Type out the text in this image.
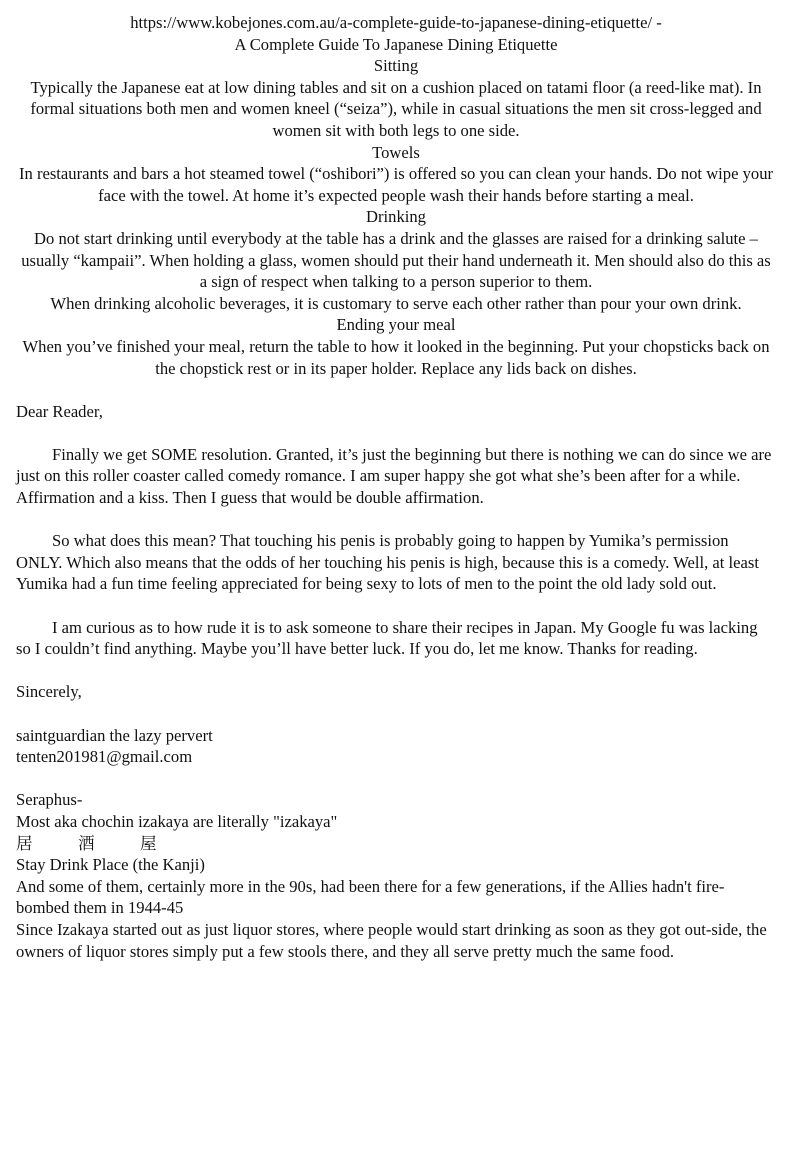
https://www.kobejones.com.au/a-complete-guide-to-japanese-dining-etiquette/ -

A Complete Guide To Japanese Dining Etiquette

Sitting

Typically the Japanese eat at low dining tables and sit on a cushion placed on tatami floor (a reed-like mat). In formal situations both men and women kneel (“seiza”), while in casual situations the men sit cross-legged and women sit with both legs to one side.

Towels

In restaurants and bars a hot steamed towel (“oshibori”) is offered so you can clean your hands. Do not wipe your face with the towel. At home it’s expected people wash their hands before starting a meal.

Drinking

Do not start drinking until everybody at the table has a drink and the glasses are raised for a drinking salute – usually “kampaii”. When holding a glass, women should put their hand underneath it. Men should also do this as a sign of respect when talking to a person superior to them.

When drinking alcoholic beverages, it is customary to serve each other rather than pour your own drink.

Ending your meal

When you’ve finished your meal, return the table to how it looked in the beginning. Put your chopsticks back on the chopstick rest or in its paper holder. Replace any lids back on dishes.

Dear Reader,

Finally we get SOME resolution. Granted, it’s just the beginning but there is nothing we can do since we are just on this roller coaster called comedy romance. I am super happy she got what she’s been after for a while. Affirmation and a kiss. Then I guess that would be double affirmation.

So what does this mean? That touching his penis is probably going to happen by Yumika’s permission ONLY. Which also means that the odds of her touching his penis is high, because this is a comedy. Well, at least Yumika had a fun time feeling appreciated for being sexy to lots of men to the point the old lady sold out.

I am curious as to how rude it is to ask someone to share their recipes in Japan. My Google fu was lacking so I couldn’t find anything. Maybe you’ll have better luck. If you do, let me know. Thanks for reading.

Sincerely,

saintguardian the lazy pervert

tenten201981@gmail.com

Seraphus-

Most aka chochin izakaya are literally "izakaya"

居	酒	屋

Stay Drink Place (the Kanji)

And some of them, certainly more in the 90s, had been there for a few generations, if the Allies hadn't fire-bombed them in 1944-45

Since Izakaya started out as just liquor stores, where people would start drinking as soon as they got out-side, the owners of liquor stores simply put a few stools there, and they all serve pretty much the same food.
